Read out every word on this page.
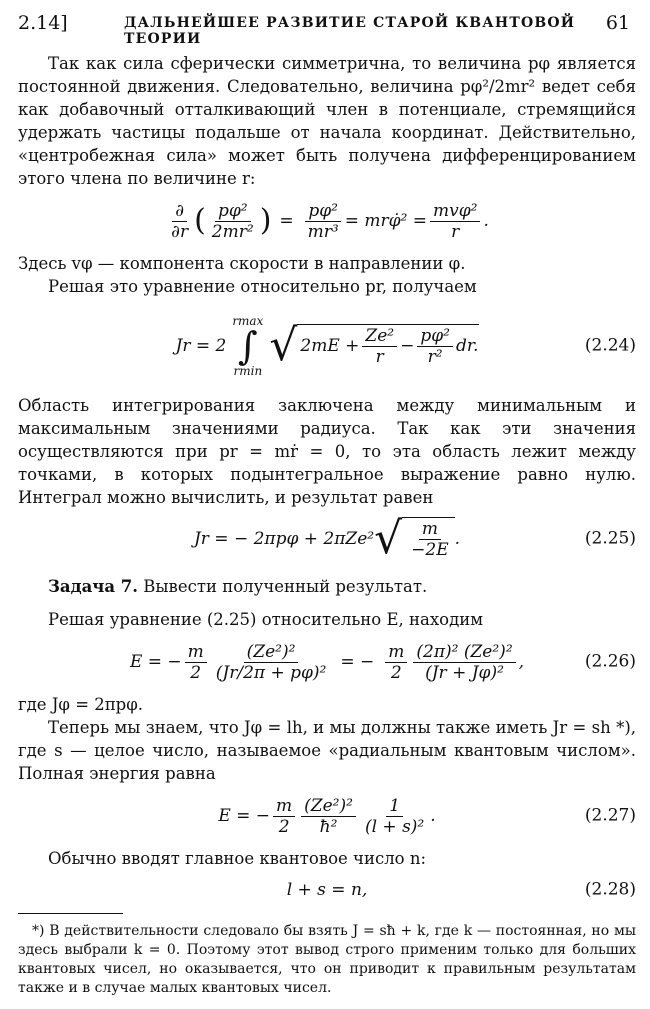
2.14]	ДАЛЬНЕЙШЕЕ РАЗВИТИЕ СТАРОЙ КВАНТОВОЙ ТЕОРИИ
61

Так как сила сферически симметрична, то величина pφ является постоянной движения. Следовательно, величина pφ²/2mr² ведет себя как добавочный отталкивающий член в потенциале, стремящийся удержать частицы подальше от начала координат. Действительно, «центробежная сила» может быть получена дифференцированием этого члена по величине r:

$\frac{\partial}{\partial r}$ ( $\frac{\text{pφ²}}{\text{2mr²}}$ ) = $\frac{\text{pφ²}}{\text{mr³}}$ = mrφ̇² = $\frac{\text{mvφ²}}{r}$ .

Здесь vφ — компонента скорости в направлении φ.

Решая это уравнение относительно pr, получаем

Jr = 2
rmax
∫
rmin √ $2mE + \frac{\text{Ze²}}{r} - \frac{\text{pφ²}}{\text{r²}}$ dr.	(2.24)

Область интегрирования заключена между минимальным и максимальным значениями радиуса. Так как эти значения осуществляются при pr = mṙ = 0, то эта область лежит между точками, в которых подынтегральное выражение равно нулю. Интеграл можно вычислить, и результат равен

Jr = − 2πpφ + 2πZe² √ $\frac{m}{-2E}$ .	(2.25)

Задача 7. Вывести полученный результат.

Решая уравнение (2.25) относительно E, находим

E = − $\frac{m}{2} \frac{\text{(Ze²)²}}{\text{(Jr/2π + pφ)²}}$ = − $\frac{m}{2} \frac{\text{(2π)² (Ze²)²}}{\text{(Jr + Jφ)²}}$ ,	(2.26)

где Jφ = 2πpφ.

Теперь мы знаем, что Jφ = lh, и мы должны также иметь Jr = sh *), где s — целое число, называемое «радиальным квантовым числом». Полная энергия равна

E = − $\frac{m}{2} \frac{\text{(Ze²)²}}{\text{ħ²}} \frac{1}{\text{(l + s)²}}$ .	(2.27)

Обычно вводят главное квантовое число n:

l + s = n,	(2.28)

*) В действительности следовало бы взять J = sħ + k, где k — постоянная, но мы здесь выбрали k = 0. Поэтому этот вывод строго применим только для больших квантовых чисел, но оказывается, что он приводит к правильным результатам также и в случае малых квантовых чисел.
